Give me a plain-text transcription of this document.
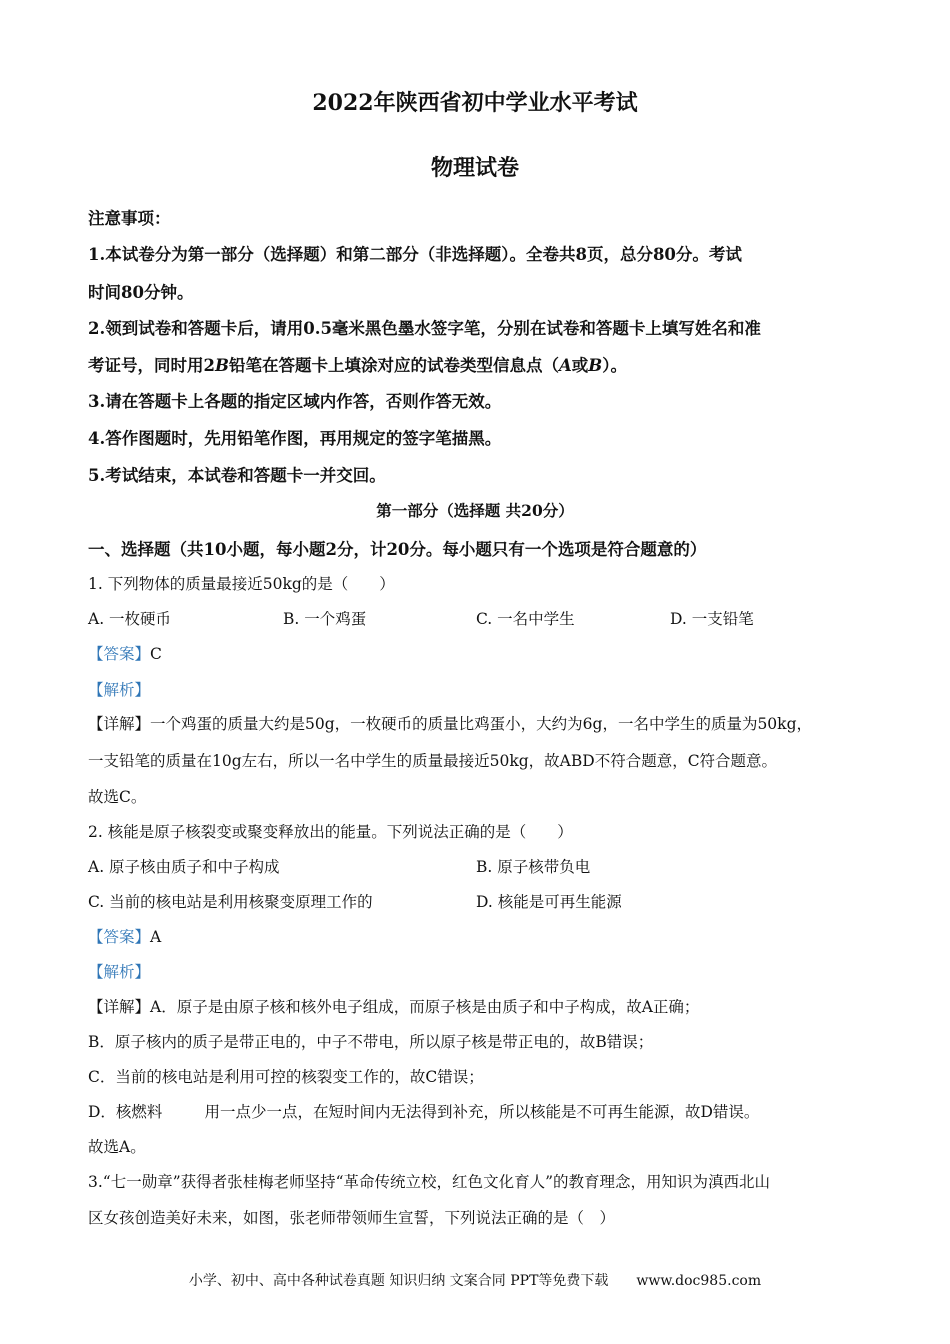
2022年陕西省初中学业水平考试
物理试卷
注意事项：
1.本试卷分为第一部分（选择题）和第二部分（非选择题）。全卷共8页，总分80分。考试
时间80分钟。
2.领到试卷和答题卡后，请用0.5毫米黑色墨水签字笔，分别在试卷和答题卡上填写姓名和准
考证号，同时用2B铅笔在答题卡上填涂对应的试卷类型信息点（A或B）。
3.请在答题卡上各题的指定区域内作答，否则作答无效。
4.答作图题时，先用铅笔作图，再用规定的签字笔描黑。
5.考试结束，本试卷和答题卡一并交回。
第一部分（选择题 共20分）
一、选择题（共10小题，每小题2分，计20分。每小题只有一个选项是符合题意的）
1. 下列物体的质量最接近50kg的是（　　）
A. 一枚硬币	B. 一个鸡蛋	C. 一名中学生	D. 一支铅笔
【答案】C
【解析】
【详解】一个鸡蛋的质量大约是50g，一枚硬币的质量比鸡蛋小，大约为6g，一名中学生的质量为50kg，
一支铅笔的质量在10g左右，所以一名中学生的质量最接近50kg，故ABD不符合题意，C符合题意。
故选C。
2. 核能是原子核裂变或聚变释放出的能量。下列说法正确的是（　　）
A. 原子核由质子和中子构成	B. 原子核带负电
C. 当前的核电站是利用核聚变原理工作的	D. 核能是可再生能源
【答案】A
【解析】
【详解】A．原子是由原子核和核外电子组成，而原子核是由质子和中子构成，故A正确；
B．原子核内的质子是带正电的，中子不带电，所以原子核是带正电的，故B错误；
C．当前的核电站是利用可控的核裂变工作的，故C错误；
D．核燃料	用一点少一点，在短时间内无法得到补充，所以核能是不可再生能源，故D错误。
故选A。
3.“七一勋章”获得者张桂梅老师坚持“革命传统立校，红色文化育人”的教育理念，用知识为滇西北山
区女孩创造美好未来，如图，张老师带领师生宣誓，下列说法正确的是（　）
小学、初中、高中各种试卷真题 知识归纳 文案合同 PPT等免费下载 www.doc985.com
